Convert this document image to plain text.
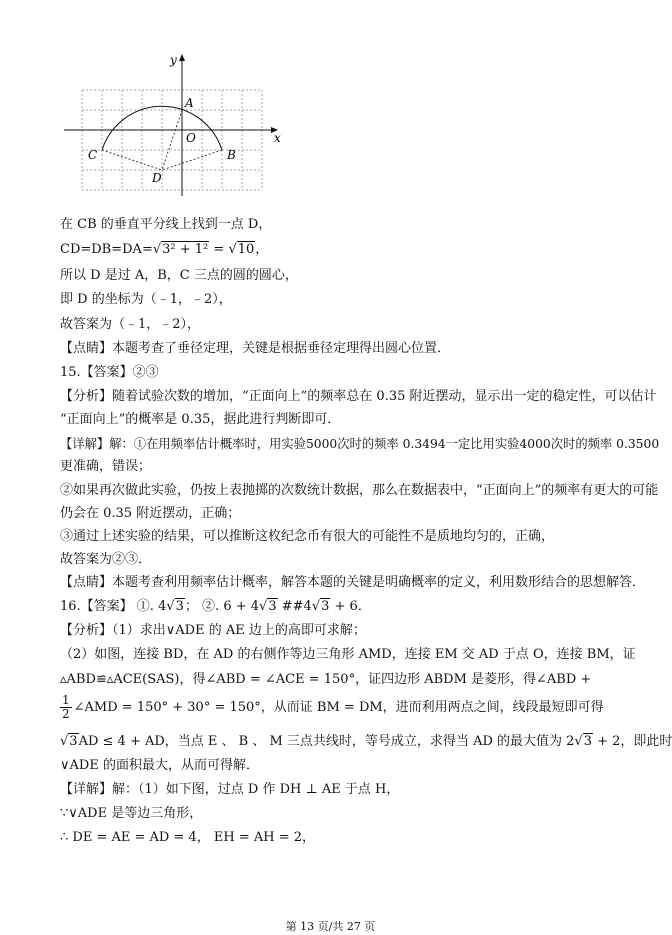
y
x
A
O
B
C
D
在 CB 的垂直平分线上找到一点 D，
CD=DB=DA=√3² + 1² = √10，
所以 D 是过 A，B，C 三点的圆的圆心，
即 D 的坐标为（﹣1，﹣2），
故答案为（﹣1，﹣2），
【点睛】本题考查了垂径定理，关键是根据垂径定理得出圆心位置．
15.【答案】②③
【分析】随着试验次数的增加，“正面向上”的频率总在 0.35 附近摆动，显示出一定的稳定性，可以估计
“正面向上”的概率是 0.35，据此进行判断即可．
【详解】解：①在用频率估计概率时，用实验5000次时的频率 0.3494一定比用实验4000次时的频率 0.3500
更准确，错误；
②如果再次做此实验，仍按上表抛掷的次数统计数据，那么在数据表中，“正面向上”的频率有更大的可能
仍会在 0.35 附近摆动，正确；
③通过上述实验的结果，可以推断这枚纪念币有很大的可能性不是质地均匀的，正确，
故答案为②③．
【点睛】本题考查利用频率估计概率，解答本题的关键是明确概率的定义，利用数形结合的思想解答．
16.【答案】 ①. 4√3； ②. 6 + 4√3 ##4√3 + 6．
【分析】（1）求出∨ADE 的 AE 边上的高即可求解；
（2）如图，连接 BD，在 AD 的右侧作等边三角形 AMD，连接 EM 交 AD 于点 O，连接 BM，证
▵ABD≌▵ACE(SAS)，得∠ABD = ∠ACE = 150°，证四边形 ABDM 是菱形，得∠ABD +
$\frac{1}{2}$ ∠AMD = 150° + 30° = 150°，从而证 BM = DM，进而利用两点之间，线段最短即可得
√3AD ≤ 4 + AD，当点 E 、 B 、 M 三点共线时，等号成立，求得当 AD 的最大值为 2√3 + 2，即此时
∨ADE 的面积最大，从而可得解．
【详解】解：（1）如下图，过点 D 作 DH ⊥ AE 于点 H，
∵∨ADE 是等边三角形，
∴ DE = AE = AD = 4， EH = AH = 2，
第 13 页/共 27 页
